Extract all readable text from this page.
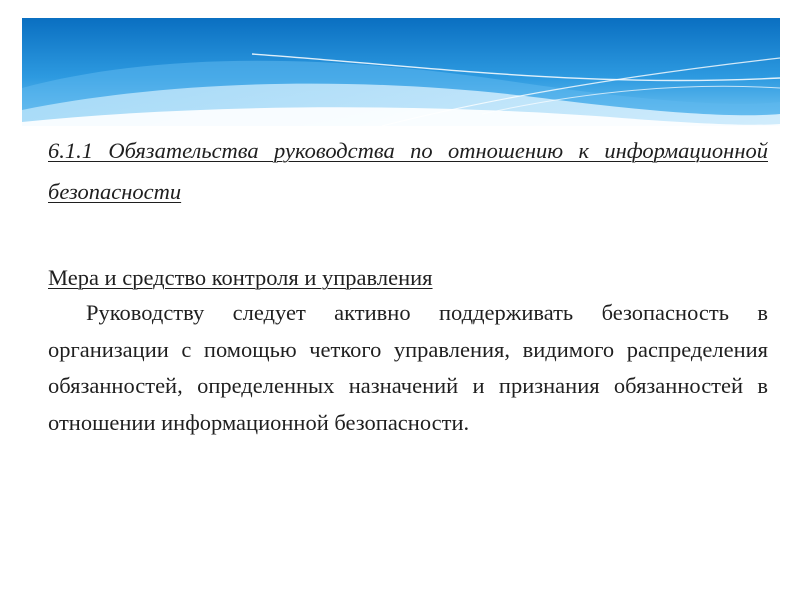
6.1.1 Обязательства руководства по отношению к информационной безопасности

Мера и средство контроля и управления

Руководству следует активно поддерживать безопасность в организации с помощью четкого управления, видимого распределения обязанностей, определенных назначений и признания обязанностей в отношении информационной безопасности.
